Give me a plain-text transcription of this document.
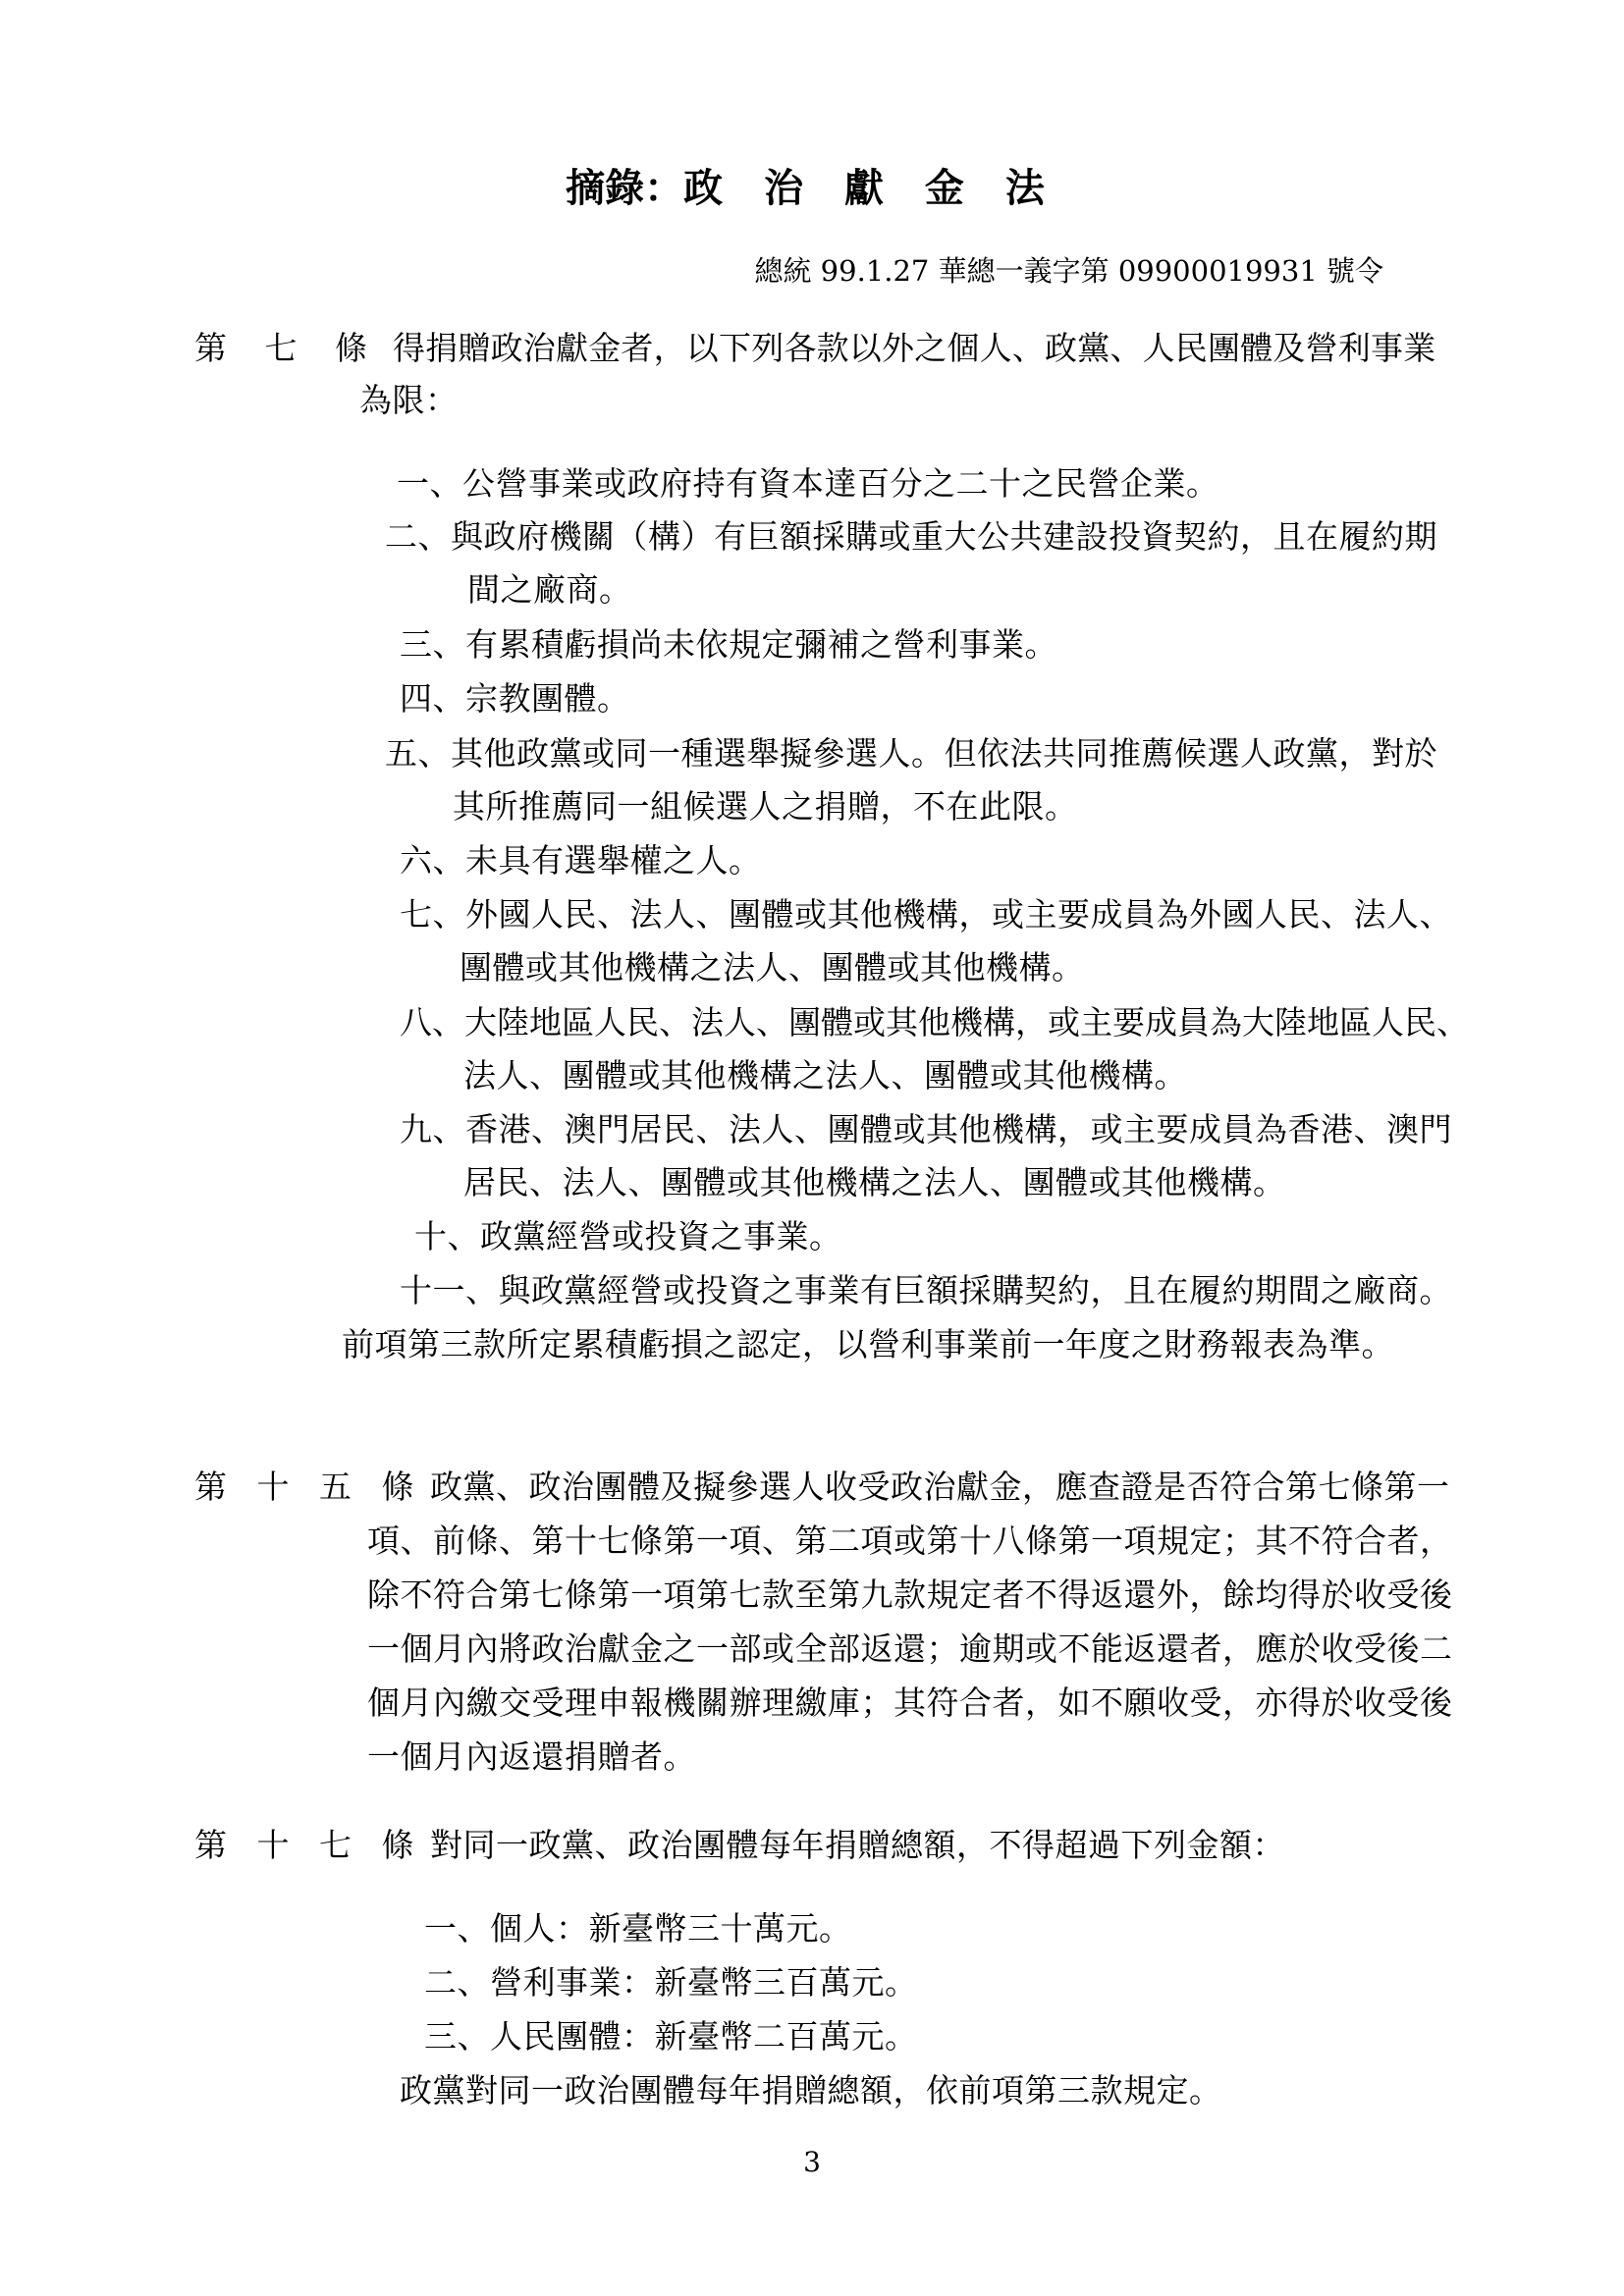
摘錄：政 治 獻 金 法
總統 99.1.27 華總一義字第 09900019931 號令
第 七 條 得捐贈政治獻金者，以下列各款以外之個人、政黨、人民團體及營利事業
為限：
一、公營事業或政府持有資本達百分之二十之民營企業。
二、與政府機關（構）有巨額採購或重大公共建設投資契約，且在履約期
間之廠商。
三、有累積虧損尚未依規定彌補之營利事業。
四、宗教團體。
五、其他政黨或同一種選舉擬參選人。但依法共同推薦候選人政黨，對於
其所推薦同一組候選人之捐贈，不在此限。
六、未具有選舉權之人。
七、外國人民、法人、團體或其他機構，或主要成員為外國人民、法人、
團體或其他機構之法人、團體或其他機構。
八、大陸地區人民、法人、團體或其他機構，或主要成員為大陸地區人民、
法人、團體或其他機構之法人、團體或其他機構。
九、香港、澳門居民、法人、團體或其他機構，或主要成員為香港、澳門
居民、法人、團體或其他機構之法人、團體或其他機構。
十、政黨經營或投資之事業。
十一、與政黨經營或投資之事業有巨額採購契約，且在履約期間之廠商。
前項第三款所定累積虧損之認定，以營利事業前一年度之財務報表為準。
第 十 五 條 政黨、政治團體及擬參選人收受政治獻金，應查證是否符合第七條第一
項、前條、第十七條第一項、第二項或第十八條第一項規定；其不符合者，
除不符合第七條第一項第七款至第九款規定者不得返還外，餘均得於收受後
一個月內將政治獻金之一部或全部返還；逾期或不能返還者，應於收受後二
個月內繳交受理申報機關辦理繳庫；其符合者，如不願收受，亦得於收受後
一個月內返還捐贈者。
第 十 七 條 對同一政黨、政治團體每年捐贈總額，不得超過下列金額：
一、個人：新臺幣三十萬元。
二、營利事業：新臺幣三百萬元。
三、人民團體：新臺幣二百萬元。
政黨對同一政治團體每年捐贈總額，依前項第三款規定。
3
